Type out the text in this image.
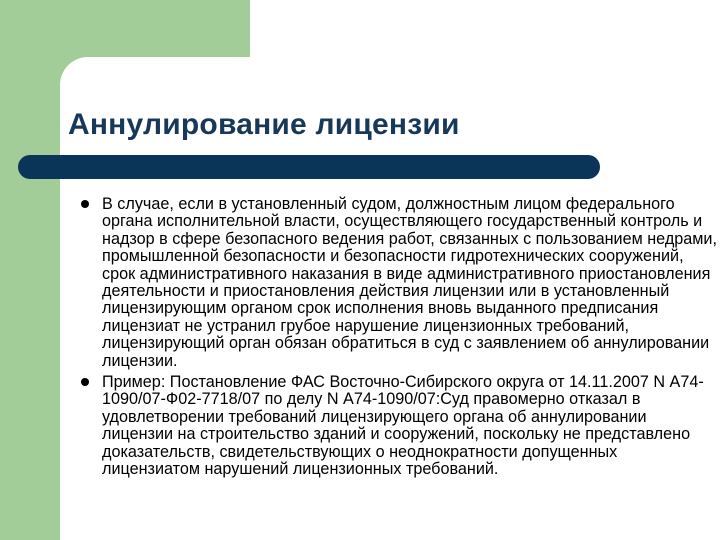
Аннулирование лицензии
В случае, если в установленный судом, должностным лицом федерального органа исполнительной власти, осуществляющего государственный контроль и надзор в сфере безопасного ведения работ, связанных с пользованием недрами, промышленной безопасности и безопасности гидротехнических сооружений, срок административного наказания в виде административного приостановления деятельности и приостановления действия лицензии или в установленный лицензирующим органом срок исполнения вновь выданного предписания лицензиат не устранил грубое нарушение лицензионных требований, лицензирующий орган обязан обратиться в суд с заявлением об аннулировании лицензии.
Пример: Постановление ФАС Восточно-Сибирского округа от 14.11.2007 N А74-1090/07-Ф02-7718/07 по делу N А74-1090/07:Суд правомерно отказал в удовлетворении требований лицензирующего органа об аннулировании лицензии на строительство зданий и сооружений, поскольку не представлено доказательств, свидетельствующих о неоднократности допущенных лицензиатом нарушений лицензионных требований.
